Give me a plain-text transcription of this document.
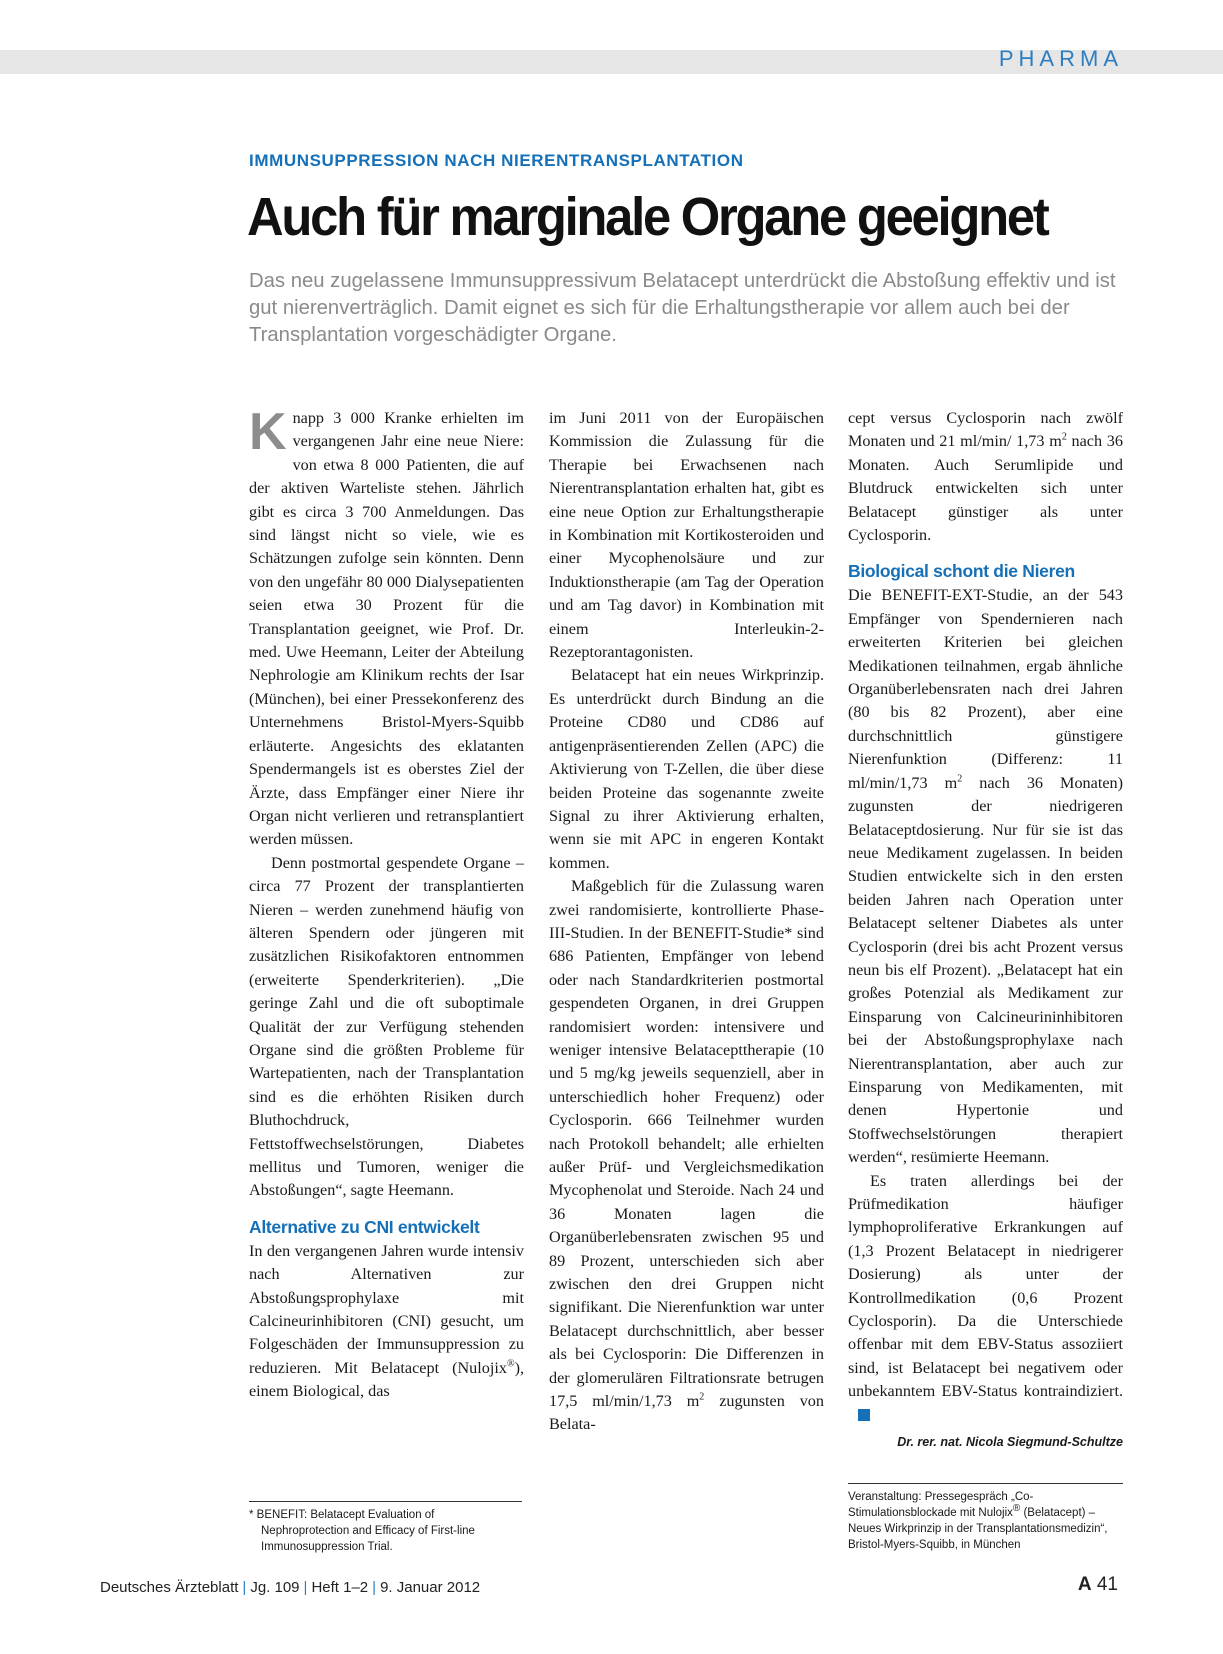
PHARMA
IMMUNSUPPRESSION NACH NIERENTRANSPLANTATION
Auch für marginale Organe geeignet
Das neu zugelassene Immunsuppressivum Belatacept unterdrückt die Abstoßung effektiv und ist gut nierenverträglich. Damit eignet es sich für die Erhaltungstherapie vor allem auch bei der Transplantation vorgeschädigter Organe.

Knapp 3 000 Kranke erhielten im vergangenen Jahr eine neue Niere: von etwa 8 000 Patienten, die auf der aktiven Warteliste stehen. Jährlich gibt es circa 3 700 Anmeldungen. Das sind längst nicht so viele, wie es Schätzungen zufolge sein könnten. Denn von den ungefähr 80 000 Dialysepatienten seien etwa 30 Prozent für die Transplantation geeignet, wie Prof. Dr. med. Uwe Heemann, Leiter der Abteilung Nephrologie am Klinikum rechts der Isar (München), bei einer Pressekonferenz des Unternehmens Bristol-Myers-Squibb erläuterte. Angesichts des eklatanten Spendermangels ist es oberstes Ziel der Ärzte, dass Empfänger einer Niere ihr Organ nicht verlieren und retransplantiert werden müssen.

Denn postmortal gespendete Organe – circa 77 Prozent der transplantierten Nieren – werden zunehmend häufig von älteren Spendern oder jüngeren mit zusätzlichen Risikofaktoren entnommen (erweiterte Spenderkriterien). „Die geringe Zahl und die oft suboptimale Qualität der zur Verfügung stehenden Organe sind die größten Probleme für Wartepatienten, nach der Transplantation sind es die erhöhten Risiken durch Bluthochdruck, Fettstoffwechselstörungen, Diabetes mellitus und Tumoren, weniger die Abstoßungen“, sagte Heemann.

Alternative zu CNI entwickelt

In den vergangenen Jahren wurde intensiv nach Alternativen zur Abstoßungsprophylaxe mit Calcineurinhibitoren (CNI) gesucht, um Folgeschäden der Immunsuppression zu reduzieren. Mit Belatacept (Nulojix®), einem Biological, das

im Juni 2011 von der Europäischen Kommission die Zulassung für die Therapie bei Erwachsenen nach Nierentransplantation erhalten hat, gibt es eine neue Option zur Erhaltungstherapie in Kombination mit Kortikosteroiden und einer Mycophenolsäure und zur Induktionstherapie (am Tag der Operation und am Tag davor) in Kombination mit einem Interleukin-2-Rezeptorantagonisten.

Belatacept hat ein neues Wirkprinzip. Es unterdrückt durch Bindung an die Proteine CD80 und CD86 auf antigenpräsentierenden Zellen (APC) die Aktivierung von T-Zellen, die über diese beiden Proteine das sogenannte zweite Signal zu ihrer Aktivierung erhalten, wenn sie mit APC in engeren Kontakt kommen.

Maßgeblich für die Zulassung waren zwei randomisierte, kontrollierte Phase-III-Studien. In der BENEFIT-Studie* sind 686 Patienten, Empfänger von lebend oder nach Standardkriterien postmortal gespendeten Organen, in drei Gruppen randomisiert worden: intensivere und weniger intensive Belatacepttherapie (10 und 5 mg/kg jeweils sequenziell, aber in unterschiedlich hoher Frequenz) oder Cyclosporin. 666 Teilnehmer wurden nach Protokoll behandelt; alle erhielten außer Prüf- und Vergleichsmedikation Mycophenolat und Steroide. Nach 24 und 36 Monaten lagen die Organüberlebensraten zwischen 95 und 89 Prozent, unterschieden sich aber zwischen den drei Gruppen nicht signifikant. Die Nierenfunktion war unter Belatacept durchschnittlich, aber besser als bei Cyclosporin: Die Differenzen in der glomerulären Filtrationsrate betrugen 17,5 ml/min/1,73 $m^2$ zugunsten von Belata-

cept versus Cyclosporin nach zwölf Monaten und 21 ml/min/ 1,73 $m^2$ nach 36 Monaten. Auch Serumlipide und Blutdruck entwickelten sich unter Belatacept günstiger als unter Cyclosporin.

Biological schont die Nieren

Die BENEFIT-EXT-Studie, an der 543 Empfänger von Spendernieren nach erweiterten Kriterien bei gleichen Medikationen teilnahmen, ergab ähnliche Organüberlebensraten nach drei Jahren (80 bis 82 Prozent), aber eine durchschnittlich günstigere Nierenfunktion (Differenz: 11 ml/min/1,73 $m^2$ nach 36 Monaten) zugunsten der niedrigeren Belataceptdosierung. Nur für sie ist das neue Medikament zugelassen. In beiden Studien entwickelte sich in den ersten beiden Jahren nach Operation unter Belatacept seltener Diabetes als unter Cyclosporin (drei bis acht Prozent versus neun bis elf Prozent). „Belatacept hat ein großes Potenzial als Medikament zur Einsparung von Calcineurininhibitoren bei der Abstoßungsprophylaxe nach Nierentransplantation, aber auch zur Einsparung von Medikamenten, mit denen Hypertonie und Stoffwechselstörungen therapiert werden“, resümierte Heemann.

Es traten allerdings bei der Prüfmedikation häufiger lymphoproliferative Erkrankungen auf (1,3 Prozent Belatacept in niedrigerer Dosierung) als unter der Kontrollmedikation (0,6 Prozent Cyclosporin). Da die Unterschiede offenbar mit dem EBV-Status assoziiert sind, ist Belatacept bei negativem oder unbekanntem EBV-Status kontraindiziert.

Dr. rer. nat. Nicola Siegmund-Schultze
* BENEFIT: Belatacept Evaluation of Nephroprotection and Efficacy of First-line Immunosuppression Trial.
Veranstaltung: Pressegespräch „Co-Stimulationsblockade mit Nulojix® (Belatacept) – Neues Wirkprinzip in der Transplantationsmedizin“, Bristol-Myers-Squibb, in München
Deutsches Ärzteblatt | Jg. 109 | Heft 1–2 | 9. Januar 2012	A 41
